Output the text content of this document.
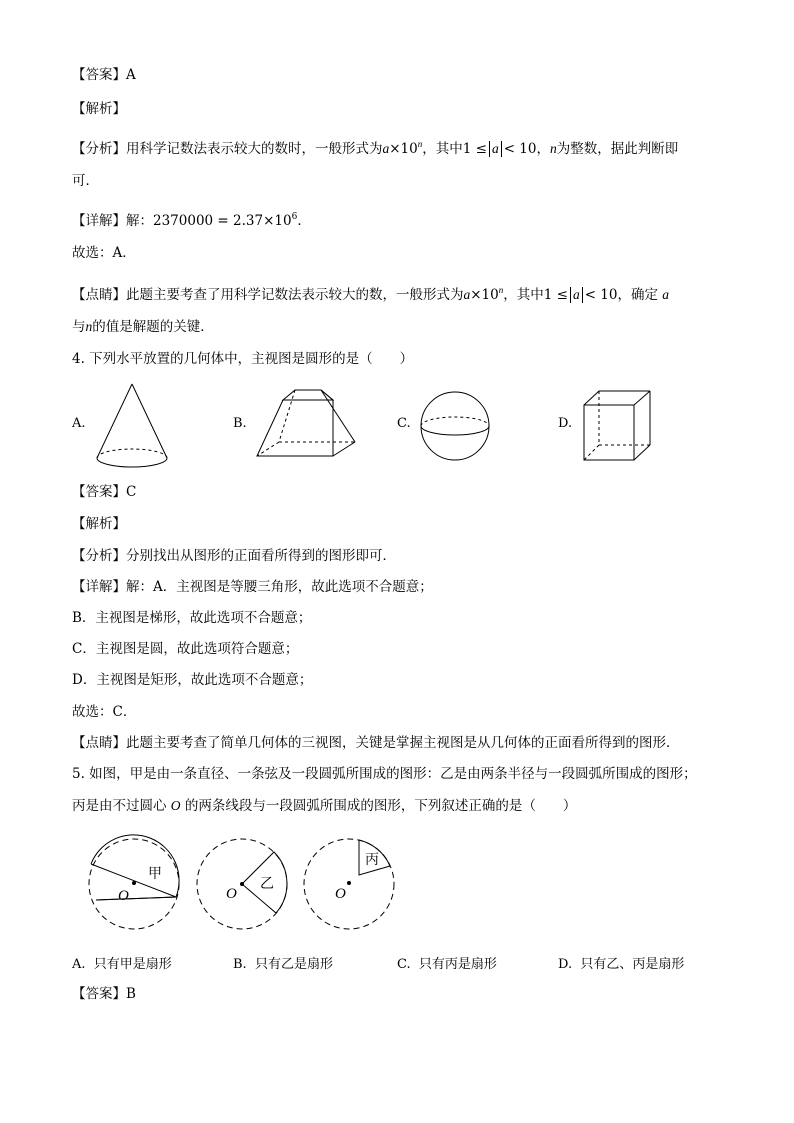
【答案】A
【解析】
【分析】用科学记数法表示较大的数时，一般形式为$a\times 10^n$，其中1 ≤ a < 10，n为整数，据此判断即
可．
【详解】解：$2370000 = 2.37\times 10^6$．
故选：A．
【点睛】此题主要考查了用科学记数法表示较大的数，一般形式为$a\times 10^n$，其中1 ≤ a < 10，确定 a
与n的值是解题的关键．
4. 下列水平放置的几何体中，主视图是圆形的是（　　）
A.	B.	C.	D.
【答案】C
【解析】
【分析】分别找出从图形的正面看所得到的图形即可．
【详解】解：A．主视图是等腰三角形，故此选项不合题意；
B．主视图是梯形，故此选项不合题意；
C．主视图是圆，故此选项符合题意；
D．主视图是矩形，故此选项不合题意；
故选：C．
【点睛】此题主要考查了简单几何体的三视图，关键是掌握主视图是从几何体的正面看所得到的图形．
5. 如图，甲是由一条直径、一条弦及一段圆弧所围成的图形：乙是由两条半径与一段圆弧所围成的图形；
丙是由不过圆心 O 的两条线段与一段圆弧所围成的图形，下列叙述正确的是（　　）
甲
O
乙
O
丙
O
A. 只有甲是扇形	B. 只有乙是扇形	C. 只有丙是扇形	D. 只有乙、丙是扇形
【答案】B
